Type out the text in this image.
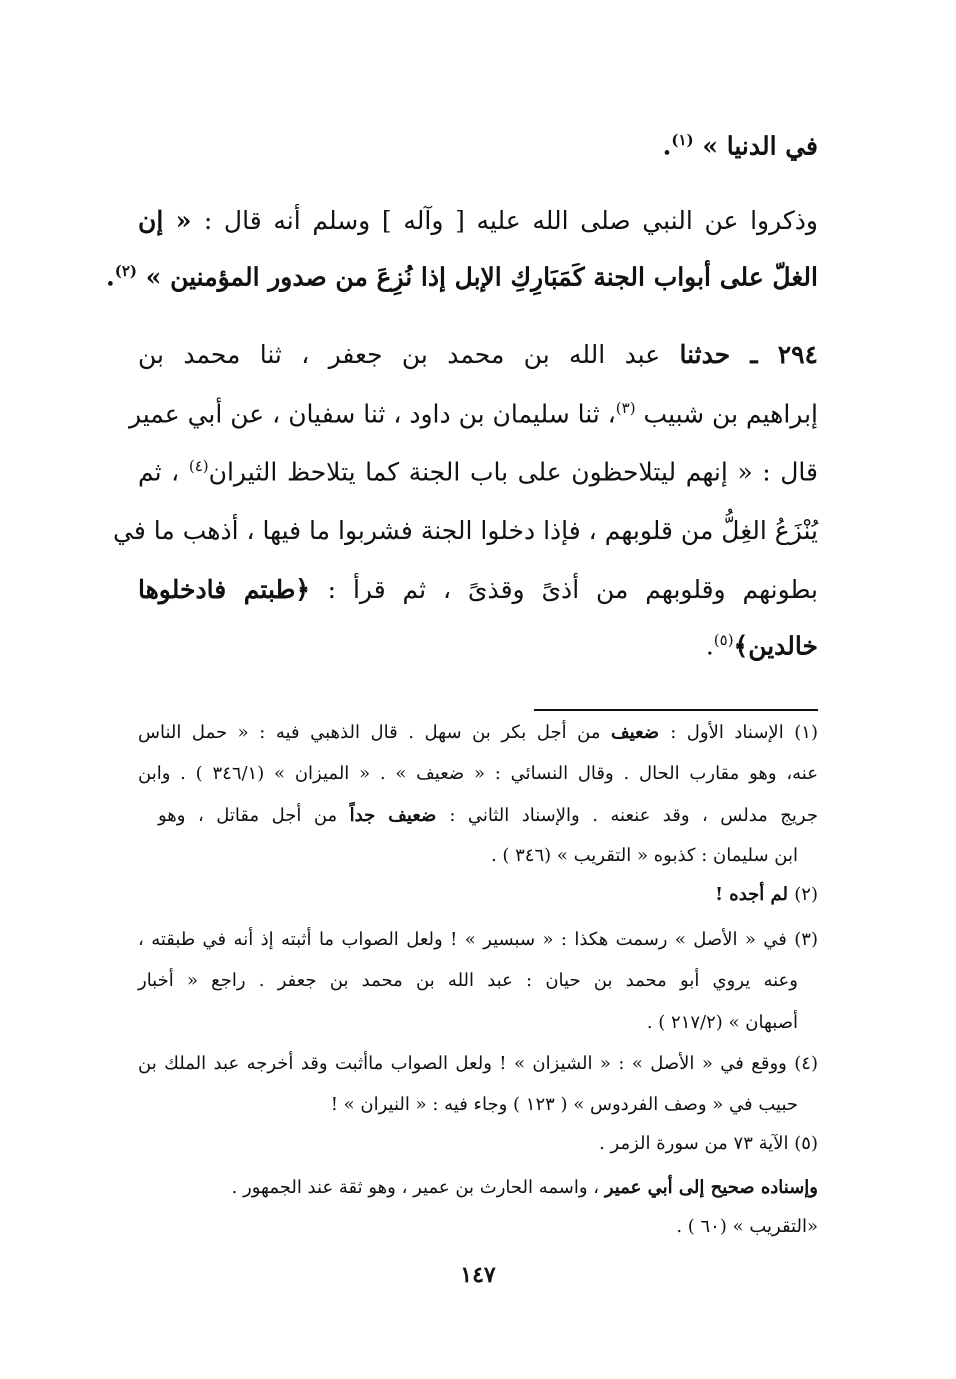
في الدنيا » $^{(١)}$.
وذكروا عن النبي صلى الله عليه [ وآله ] وسلم أنه قال : « إن
الغلّ على أبواب الجنة كَمَبَارِكِ الإبل إذا نُزِعَ من صدور المؤمنين » $^{(٢)}$.
٢٩٤ ـ حدثنا عبد الله بن محمد بن جعفر ، ثنا محمد بن
إبراهيم بن شبيب $^{(٣)}$، ثنا سليمان بن داود ، ثنا سفيان ، عن أبي عمير
قال : « إنهم ليتلاحظون على باب الجنة كما يتلاحظ الثيران$^{(٤)}$ ، ثم
يُنْزَعُ الغِلُّ من قلوبهم ، فإذا دخلوا الجنة فشربوا ما فيها ، أذهب ما في
بطونهم وقلوبهم من أذىً وقذىً ، ثم قرأ : ﴿طبتم فادخلوها
خالدين﴾$^{(٥)}$.
(١) الإسناد الأول : ضعيف من أجل بكر بن سهل . قال الذهبي فيه : « حمل الناس
عنه، وهو مقارب الحال . وقال النسائي : « ضعيف » . « الميزان » (٣٤٦/١ ) . وابن
جريج مدلس ، وقد عنعنه . والإسناد الثاني : ضعيف جداً من أجل مقاتل ، وهو
ابن سليمان : كذبوه « التقريب » (٣٤٦ ) .
(٢) لم أجده !
(٣) في « الأصل » رسمت هكذا : « سبسير » ! ولعل الصواب ما أثبته إذ أنه في طبقته ،
وعنه يروي أبو محمد بن حيان : عبد الله بن محمد بن جعفر . راجع « أخبار
أصبهان » (٢١٧/٢ ) .
(٤) ووقع في « الأصل » : « الشيزان » ! ولعل الصواب ماأثبت وقد أخرجه عبد الملك بن
حبيب في « وصف الفردوس » ( ١٢٣ ) وجاء فيه : « النيران » !
(٥) الآية ٧٣ من سورة الزمر .
وإسناده صحيح إلى أبي عمير ، واسمه الحارث بن عمير ، وهو ثقة عند الجمهور .
«التقريب » (٦٠ ) .
١٤٧
